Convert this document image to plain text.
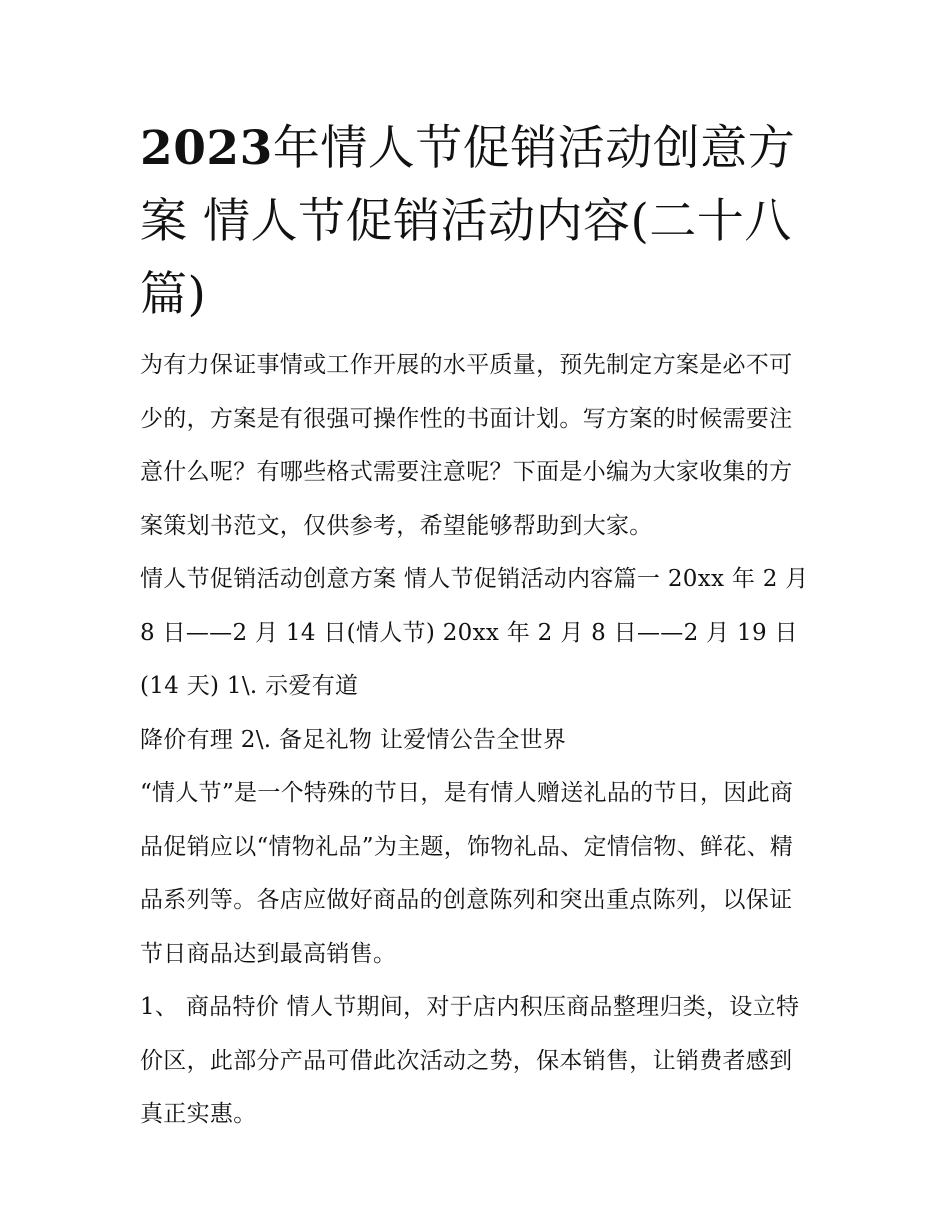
2023年情人节促销活动创意方案 情人节促销活动内容(二十八篇)

为有力保证事情或工作开展的水平质量，预先制定方案是必不可少的，方案是有很强可操作性的书面计划。写方案的时候需要注意什么呢？有哪些格式需要注意呢？下面是小编为大家收集的方案策划书范文，仅供参考，希望能够帮助到大家。

情人节促销活动创意方案 情人节促销活动内容篇一 20xx 年 2 月 8 日——2 月 14 日(情人节) 20xx 年 2 月 8 日——2 月 19 日(14 天) 1\. 示爱有道

降价有理 2\. 备足礼物 让爱情公告全世界

“情人节”是一个特殊的节日，是有情人赠送礼品的节日，因此商品促销应以“情物礼品”为主题，饰物礼品、定情信物、鲜花、精品系列等。各店应做好商品的创意陈列和突出重点陈列，以保证节日商品达到最高销售。

1、 商品特价 情人节期间，对于店内积压商品整理归类，设立特价区，此部分产品可借此次活动之势，保本销售，让销费者感到真正实惠。
